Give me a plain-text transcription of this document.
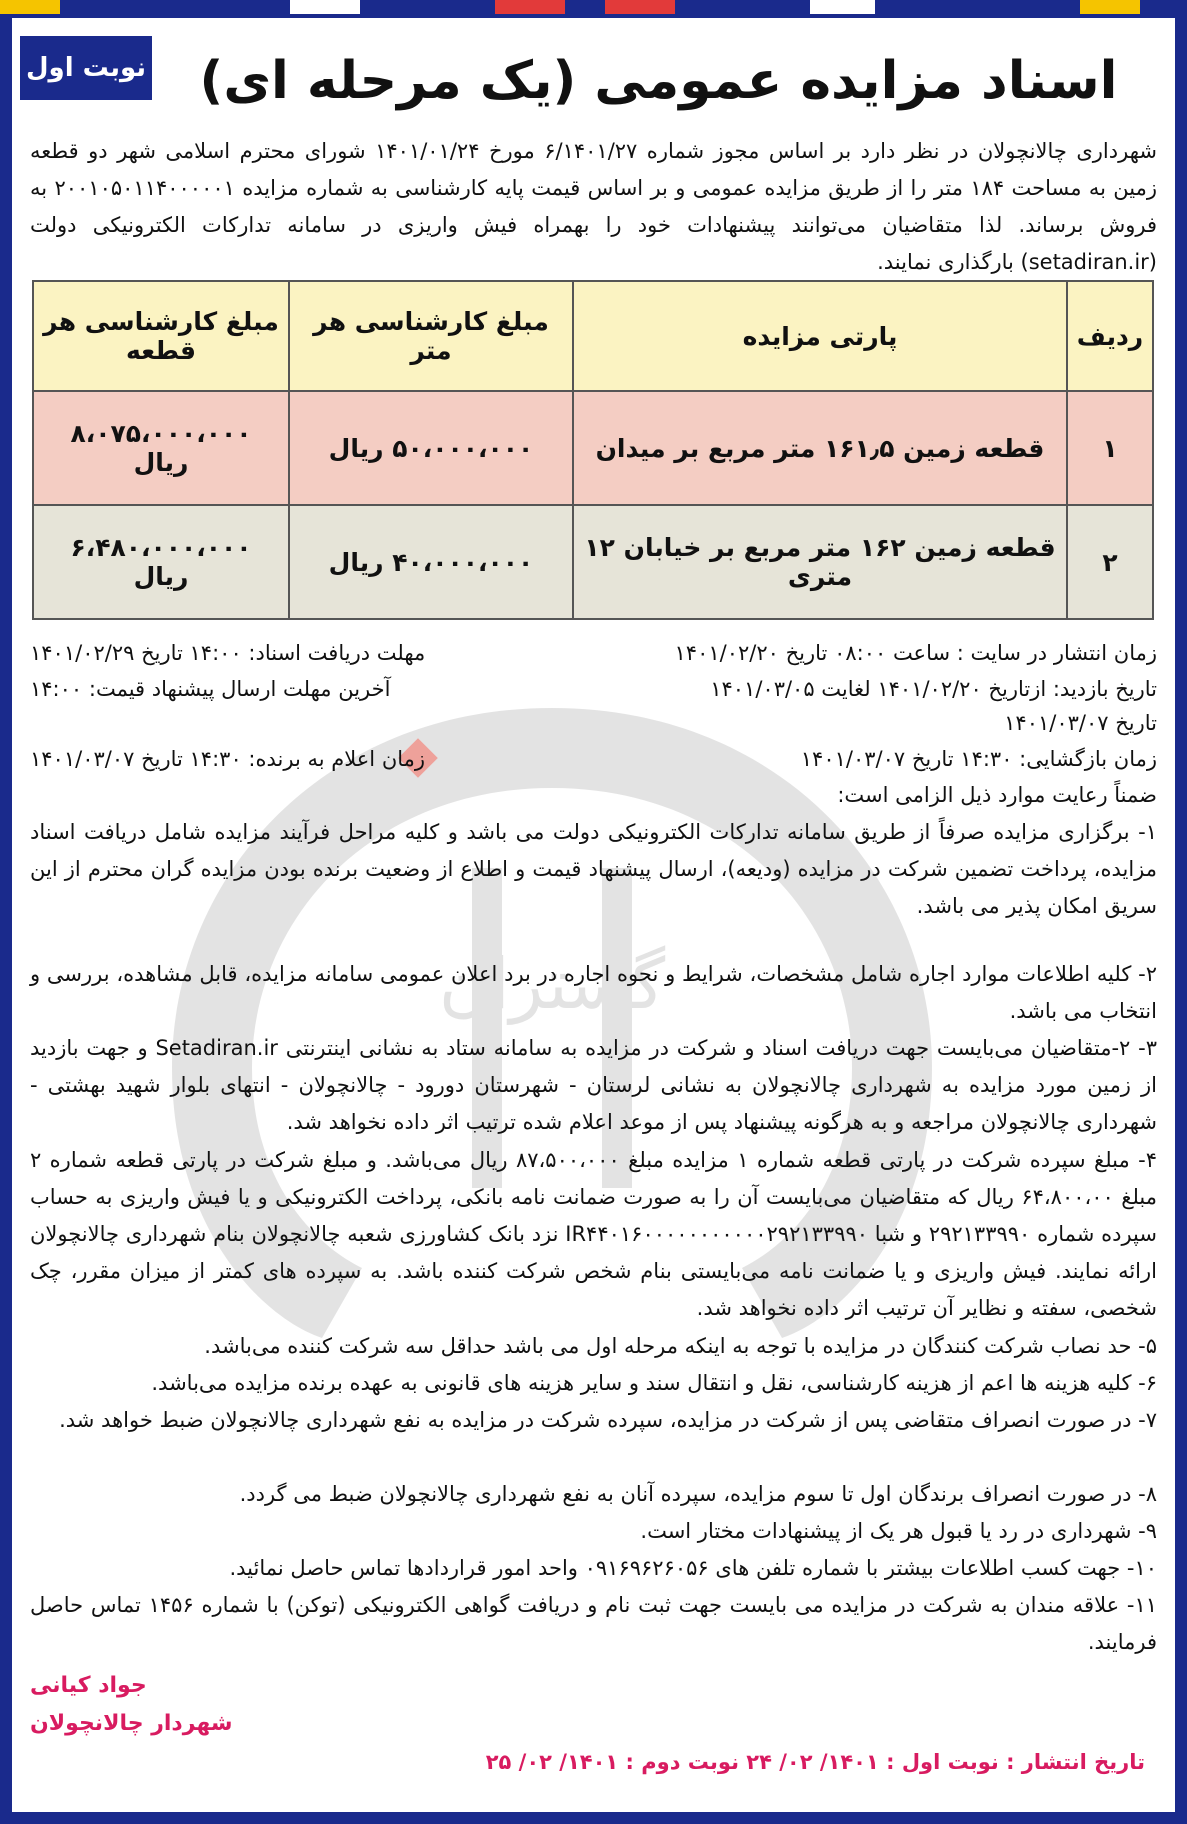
گستران
نوبت اول	اسناد مزایده عمومی (یک مرحله ای)
شهرداری چالانچولان در نظر دارد بر اساس مجوز شماره ۶/۱۴۰۱/۲۷ مورخ ۱۴۰۱/۰۱/۲۴ شورای محترم اسلامی شهر دو قطعه زمین به مساحت ۱۸۴ متر را از طریق مزایده عمومی و بر اساس قیمت پایه کارشناسی به شماره مزایده ۲۰۰۱۰۵۰۱۱۴۰۰۰۰۰۱ به فروش برساند. لذا متقاضیان می‌توانند پیشنهادات خود را بهمراه فیش واریزی در سامانه تدارکات الکترونیکی دولت (setadiran.ir) بارگذاری نمایند.
ردیف	پارتی مزایده	مبلغ کارشناسی هر متر	مبلغ کارشناسی هر قطعه
۱	قطعه زمین ۱۶۱٫۵ متر مربع بر میدان	۵۰،۰۰۰،۰۰۰ ریال	۸،۰۷۵،۰۰۰،۰۰۰ ریال
۲	قطعه زمین ۱۶۲ متر مربع بر خیابان ۱۲ متری	۴۰،۰۰۰،۰۰۰ ریال	۶،۴۸۰،۰۰۰،۰۰۰ ریال
زمان انتشار در سایت : ساعت ۰۸:۰۰ تاریخ ۱۴۰۱/۰۲/۲۰
مهلت دریافت اسناد: ۱۴:۰۰ تاریخ ۱۴۰۱/۰۲/۲۹
تاریخ بازدید: ازتاریخ ۱۴۰۱/۰۲/۲۰ لغایت ۱۴۰۱/۰۳/۰۵
آخرین مهلت ارسال پیشنهاد قیمت: ۱۴:۰۰
تاریخ ۱۴۰۱/۰۳/۰۷
زمان بازگشایی: ۱۴:۳۰ تاریخ ۱۴۰۱/۰۳/۰۷
زمان اعلام به برنده: ۱۴:۳۰ تاریخ ۱۴۰۱/۰۳/۰۷
ضمناً رعایت موارد ذیل الزامی است:
۱- برگزاری مزایده صرفاً از طریق سامانه تدارکات الکترونیکی دولت می باشد و کلیه مراحل فرآیند مزایده شامل دریافت اسناد مزایده، پرداخت تضمین شرکت در مزایده (ودیعه)، ارسال پیشنهاد قیمت و اطلاع از وضعیت برنده بودن مزایده گران محترم از این سریق امکان پذیر می باشد.
۲- کلیه اطلاعات موارد اجاره شامل مشخصات، شرایط و نحوه اجاره در برد اعلان عمومی سامانه مزایده، قابل مشاهده، بررسی و انتخاب می باشد.
۳- ۲-متقاضیان می‌بایست جهت دریافت اسناد و شرکت در مزایده به سامانه ستاد به نشانی اینترنتی Setadiran.ir و جهت بازدید از زمین مورد مزایده به شهرداری چالانچولان به نشانی لرستان - شهرستان دورود - چالانچولان - انتهای بلوار شهید بهشتی - شهرداری چالانچولان مراجعه و به هرگونه پیشنهاد پس از موعد اعلام شده ترتیب اثر داده نخواهد شد.
۴- مبلغ سپرده شرکت در پارتی قطعه شماره ۱ مزایده مبلغ ۸۷،۵۰۰،۰۰۰ ریال می‌باشد. و مبلغ شرکت در پارتی قطعه شماره ۲ مبلغ ۶۴،۸۰۰،۰۰ ریال که متقاضیان می‌بایست آن را به صورت ضمانت نامه بانکی، پرداخت الکترونیکی و یا فیش واریزی به حساب سپرده شماره ۲۹۲۱۳۳۹۹۰ و شبا IR۴۴۰۱۶۰۰۰۰۰۰۰۰۰۰۰۲۹۲۱۳۳۹۹۰ نزد بانک کشاورزی شعبه چالانچولان بنام شهرداری چالانچولان ارائه نمایند. فیش واریزی و یا ضمانت نامه می‌بایستی بنام شخص شرکت کننده باشد. به سپرده های کمتر از میزان مقرر، چک شخصی، سفته و نظایر آن ترتیب اثر داده نخواهد شد.
۵- حد نصاب شرکت کنندگان در مزایده با توجه به اینکه مرحله اول می باشد حداقل سه شرکت کننده می‌باشد.
۶- کلیه هزینه ها اعم از هزینه کارشناسی، نقل و انتقال سند و سایر هزینه های قانونی به عهده برنده مزایده می‌باشد.
۷- در صورت انصراف متقاضی پس از شرکت در مزایده، سپرده شرکت در مزایده به نفع شهرداری چالانچولان ضبط خواهد شد.
۸- در صورت انصراف برندگان اول تا سوم مزایده، سپرده آنان به نفع شهرداری چالانچولان ضبط می گردد.
۹- شهرداری در رد یا قبول هر یک از پیشنهادات مختار است.
۱۰- جهت کسب اطلاعات بیشتر با شماره تلفن های ۰۹۱۶۹۶۲۶۰۵۶ واحد امور قراردادها تماس حاصل نمائید.
۱۱- علاقه مندان به شرکت در مزایده می بایست جهت ثبت نام و دریافت گواهی الکترونیکی (توکن) با شماره ۱۴۵۶ تماس حاصل فرمایند.
جواد کیانی
شهردار چالانچولان
تاریخ انتشار : نوبت اول : ۱۴۰۱/ ۰۲/ ۲۴ نوبت دوم : ۱۴۰۱/ ۰۲/ ۲۵
